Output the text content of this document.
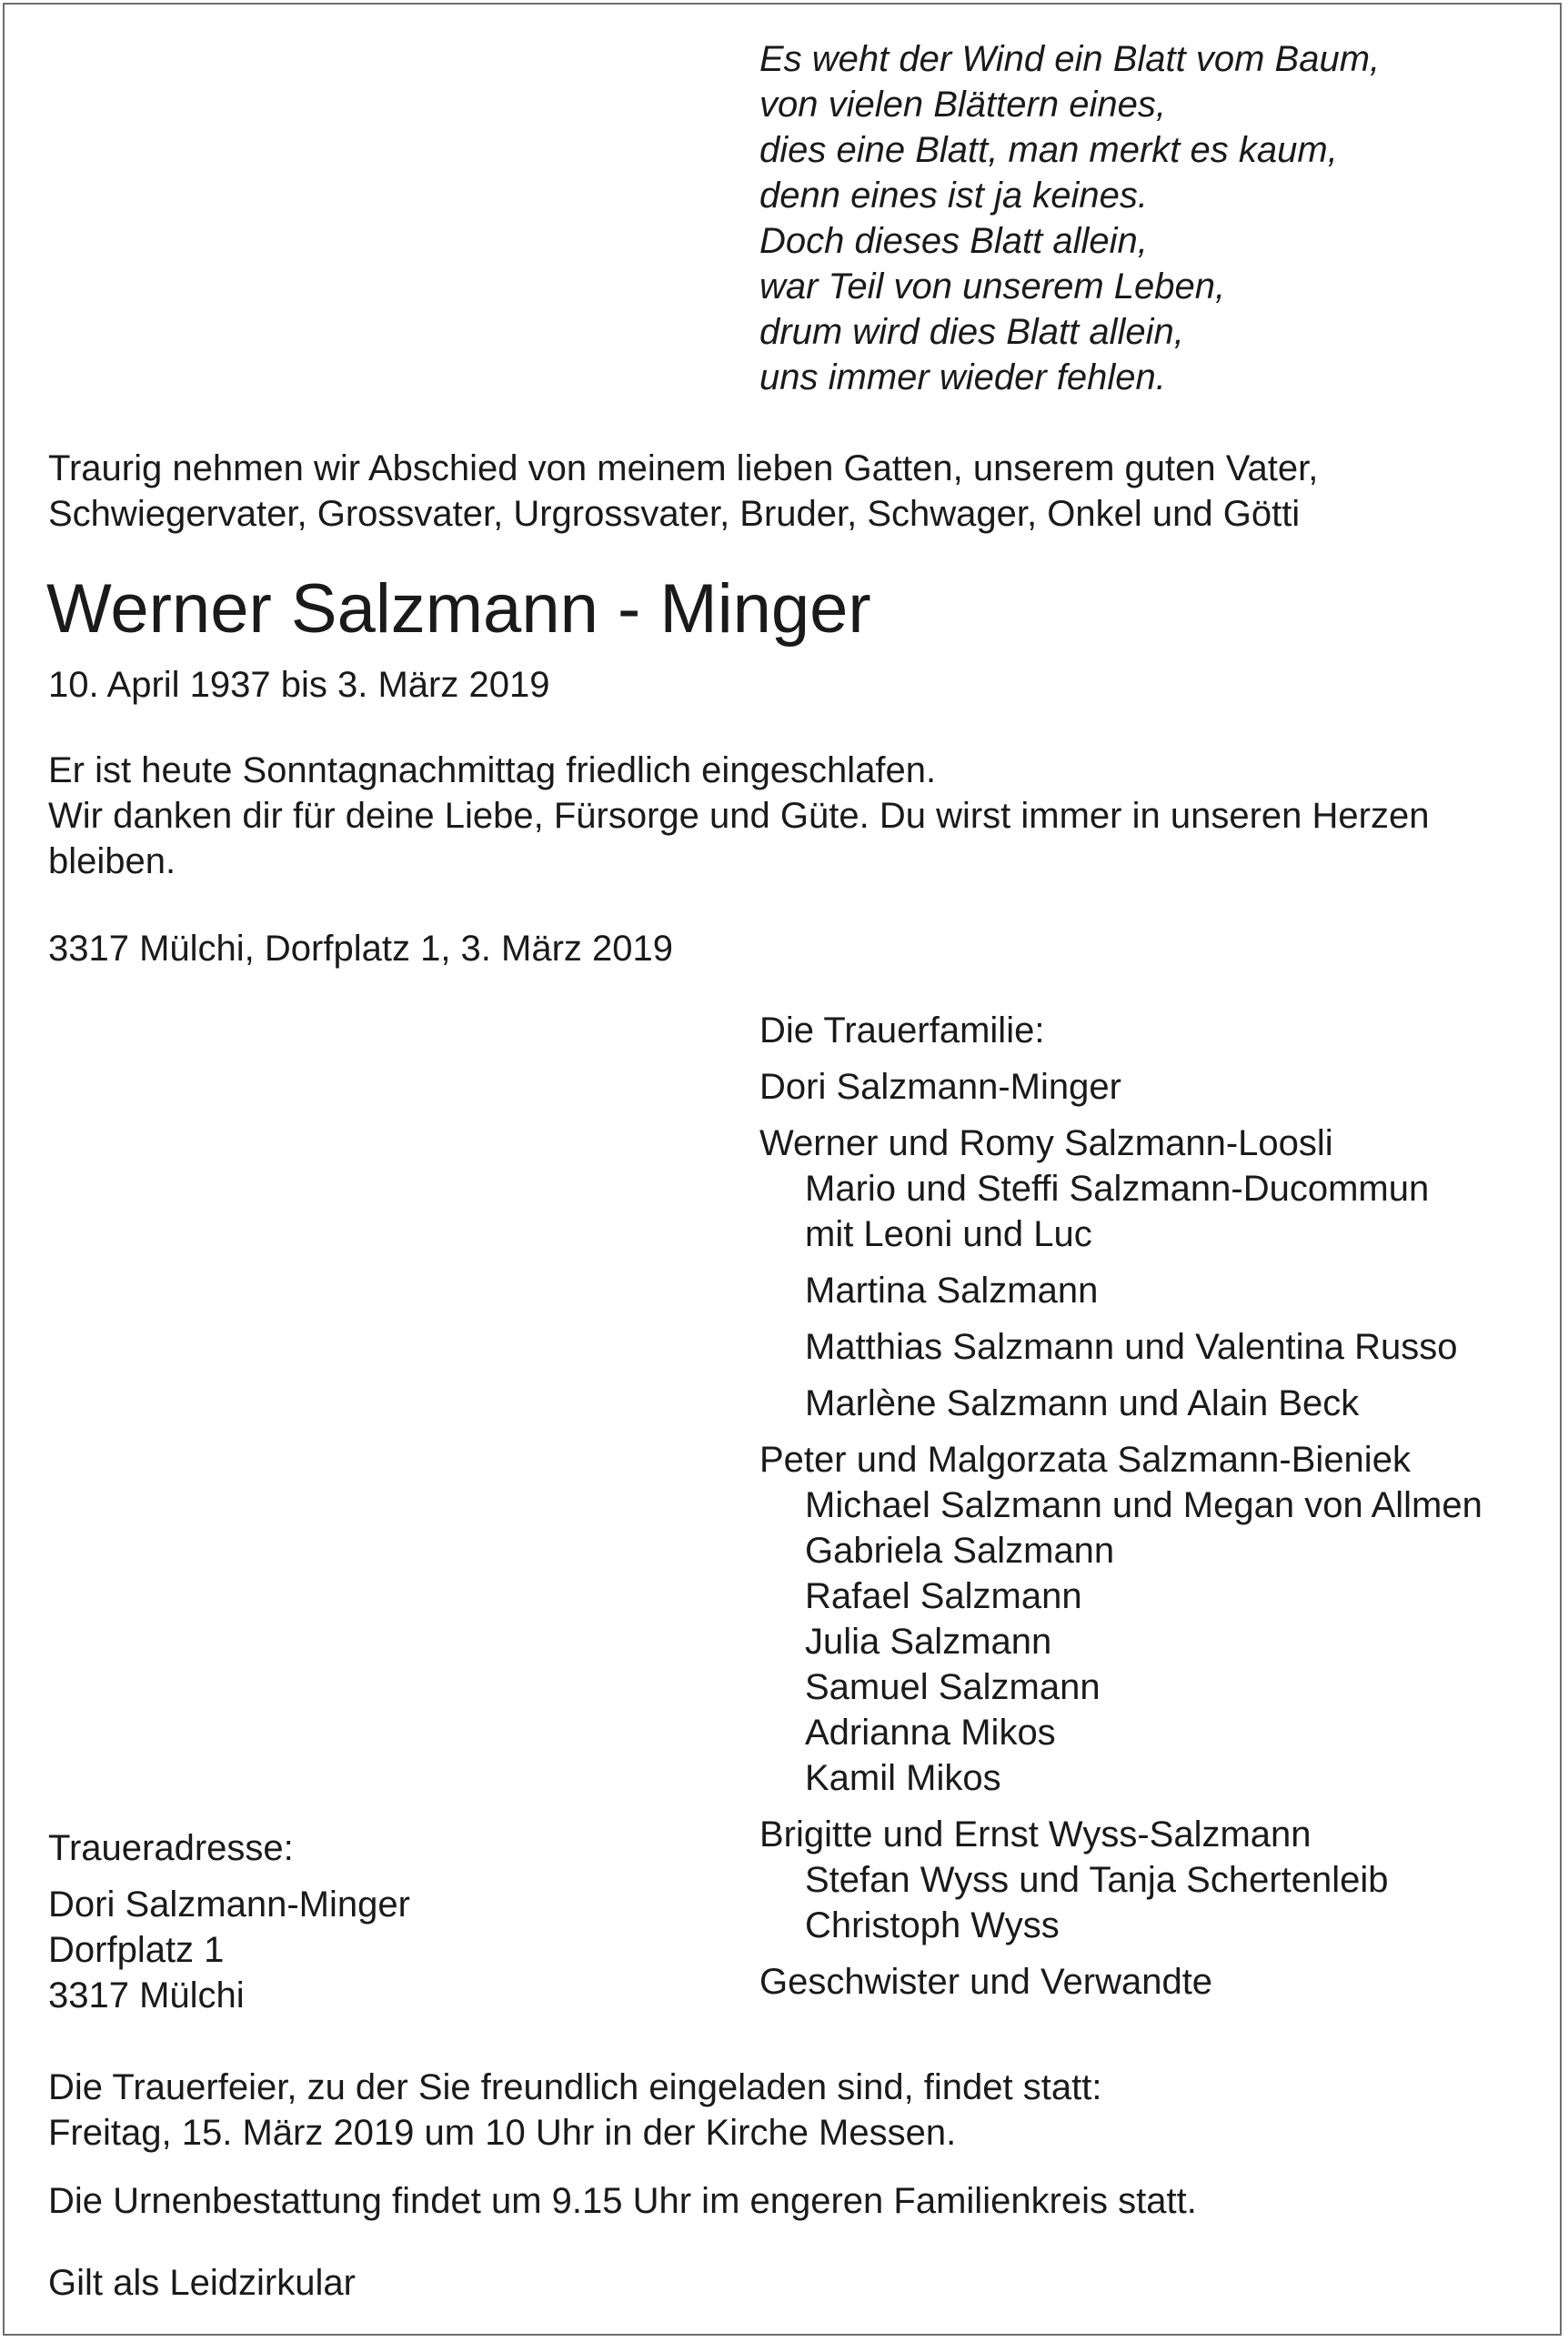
Es weht der Wind ein Blatt vom Baum,
von vielen Blättern eines,
dies eine Blatt, man merkt es kaum,
denn eines ist ja keines.
Doch dieses Blatt allein,
war Teil von unserem Leben,
drum wird dies Blatt allein,
uns immer wieder fehlen.
Traurig nehmen wir Abschied von meinem lieben Gatten, unserem guten Vater,
Schwiegervater, Grossvater, Urgrossvater, Bruder, Schwager, Onkel und Götti
Werner Salzmann - Minger
10. April 1937 bis 3. März 2019
Er ist heute Sonntagnachmittag friedlich eingeschlafen.
Wir danken dir für deine Liebe, Fürsorge und Güte. Du wirst immer in unseren Herzen
bleiben.
3317 Mülchi, Dorfplatz 1, 3. März 2019
Die Trauerfamilie:
Dori Salzmann-Minger
Werner und Romy Salzmann-Loosli
Mario und Steffi Salzmann-Ducommun
mit Leoni und Luc
Martina Salzmann
Matthias Salzmann und Valentina Russo
Marlène Salzmann und Alain Beck
Peter und Malgorzata Salzmann-Bieniek
Michael Salzmann und Megan von Allmen
Gabriela Salzmann
Rafael Salzmann
Julia Salzmann
Samuel Salzmann
Adrianna Mikos
Kamil Mikos
Brigitte und Ernst Wyss-Salzmann
Stefan Wyss und Tanja Schertenleib
Christoph Wyss
Geschwister und Verwandte
Traueradresse:
Dori Salzmann-Minger
Dorfplatz 1
3317 Mülchi
Die Trauerfeier, zu der Sie freundlich eingeladen sind, findet statt:
Freitag, 15. März 2019 um 10 Uhr in der Kirche Messen.
Die Urnenbestattung findet um 9.15 Uhr im engeren Familienkreis statt.
Gilt als Leidzirkular
